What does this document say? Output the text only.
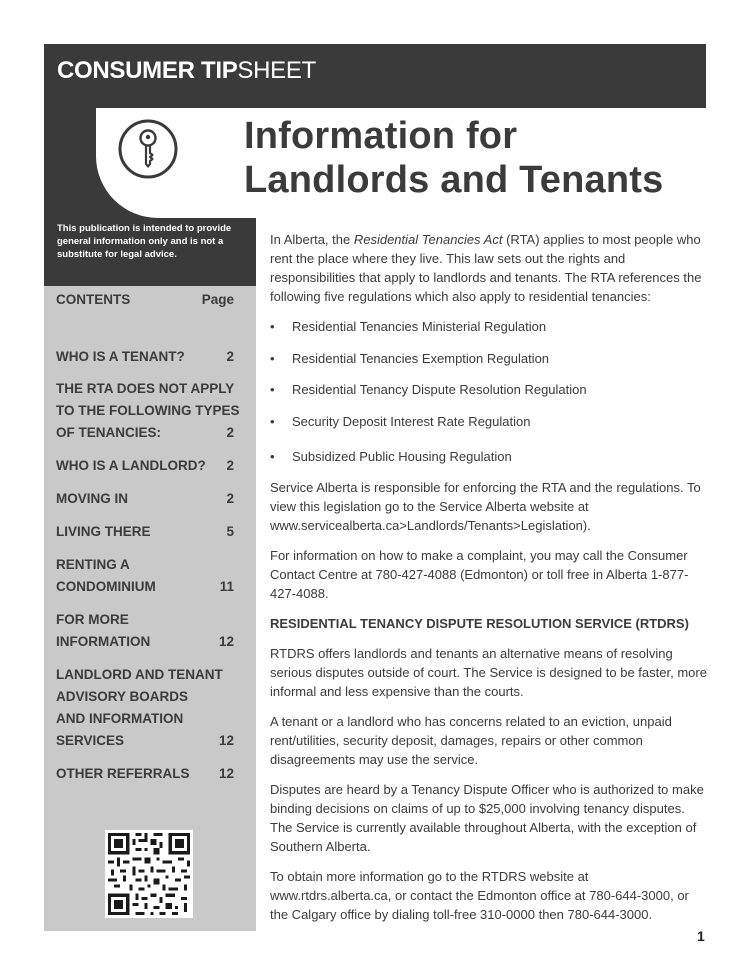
CONSUMER TIPSHEET
This publication is intended to provide general information only and is not a substitute for legal advice.
CONTENTS	Page
WHO IS A TENANT?	2
THE RTA DOES NOT APPLY
TO THE FOLLOWING TYPES
OF TENANCIES:	2
WHO IS A LANDLORD? 2
MOVING IN	2
LIVING THERE	5
RENTING A
CONDOMINIUM	11
FOR MORE
INFORMATION	12
LANDLORD AND TENANT
ADVISORY BOARDS
AND INFORMATION
SERVICES	12
OTHER REFERRALS 12
Information for
Landlords and Tenants

In Alberta, the Residential Tenancies Act (RTA) applies to most people who rent the place where they live. This law sets out the rights and responsibilities that apply to landlords and tenants. The RTA references the following five regulations which also apply to residential tenancies:

• Residential Tenancies Ministerial Regulation
• Residential Tenancies Exemption Regulation
• Residential Tenancy Dispute Resolution Regulation
• Security Deposit Interest Rate Regulation
• Subsidized Public Housing Regulation

Service Alberta is responsible for enforcing the RTA and the regulations. To view this legislation go to the Service Alberta website at www.servicealberta.ca>Landlords/Tenants>Legislation).

For information on how to make a complaint, you may call the Consumer Contact Centre at 780-427-4088 (Edmonton) or toll free in Alberta 1-877-427-4088.

RESIDENTIAL TENANCY DISPUTE RESOLUTION SERVICE (RTDRS)

RTDRS offers landlords and tenants an alternative means of resolving serious disputes outside of court. The Service is designed to be faster, more informal and less expensive than the courts.

A tenant or a landlord who has concerns related to an eviction, unpaid rent/utilities, security deposit, damages, repairs or other common disagreements may use the service.

Disputes are heard by a Tenancy Dispute Officer who is authorized to make binding decisions on claims of up to $25,000 involving tenancy disputes. The Service is currently available throughout Alberta, with the exception of Southern Alberta.

To obtain more information go to the RTDRS website at www.rtdrs.alberta.ca, or contact the Edmonton office at 780-644-3000, or the Calgary office by dialing toll-free 310-0000 then 780-644-3000.

1
